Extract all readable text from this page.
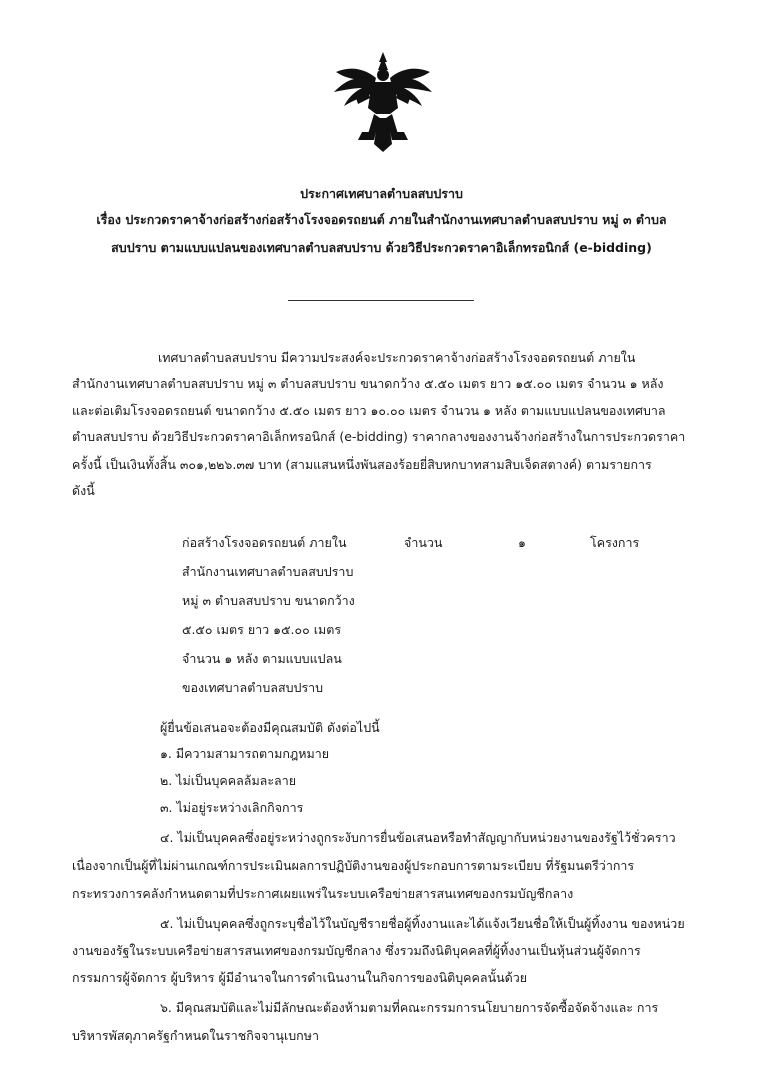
ประกาศเทศบาลตำบลสบปราบ
เรื่อง ประกวดราคาจ้างก่อสร้างก่อสร้างโรงจอดรถยนต์ ภายในสำนักงานเทศบาลตำบลสบปราบ หมู่ ๓ ตำบล
สบปราบ ตามแบบแปลนของเทศบาลตำบลสบปราบ ด้วยวิธีประกวดราคาอิเล็กทรอนิกส์ (e-bidding)
เทศบาลตำบลสบปราบ มีความประสงค์จะประกวดราคาจ้างก่อสร้างโรงจอดรถยนต์ ภายใน
สำนักงานเทศบาลตำบลสบปราบ หมู่ ๓ ตำบลสบปราบ ขนาดกว้าง ๕.๕๐ เมตร ยาว ๑๕.๐๐ เมตร จำนวน ๑ หลัง
และต่อเติมโรงจอดรถยนต์ ขนาดกว้าง ๕.๕๐ เมตร ยาว ๑๐.๐๐ เมตร จำนวน ๑ หลัง ตามแบบแปลนของเทศบาล
ตำบลสบปราบ ด้วยวิธีประกวดราคาอิเล็กทรอนิกส์ (e-bidding) ราคากลางของงานจ้างก่อสร้างในการประกวดราคา
ครั้งนี้ เป็นเงินทั้งสิ้น ๓๐๑,๒๒๖.๓๗ บาท (สามแสนหนึ่งพันสองร้อยยี่สิบหกบาทสามสิบเจ็ดสตางค์) ตามรายการ
ดังนี้
ก่อสร้างโรงจอดรถยนต์ ภายใน
สำนักงานเทศบาลตำบลสบปราบ
หมู่ ๓ ตำบลสบปราบ ขนาดกว้าง
๕.๕๐ เมตร ยาว ๑๕.๐๐ เมตร
จำนวน ๑ หลัง ตามแบบแปลน
ของเทศบาลตำบลสบปราบ
จำนวน	๑	โครงการ
ผู้ยื่นข้อเสนอจะต้องมีคุณสมบัติ ดังต่อไปนี้
๑. มีความสามารถตามกฎหมาย
๒. ไม่เป็นบุคคลล้มละลาย
๓. ไม่อยู่ระหว่างเลิกกิจการ
๔. ไม่เป็นบุคคลซึ่งอยู่ระหว่างถูกระงับการยื่นข้อเสนอหรือทำสัญญากับหน่วยงานของรัฐไว้ชั่วคราว
เนื่องจากเป็นผู้ที่ไม่ผ่านเกณฑ์การประเมินผลการปฏิบัติงานของผู้ประกอบการตามระเบียบ ที่รัฐมนตรีว่าการ
กระทรวงการคลังกำหนดตามที่ประกาศเผยแพร่ในระบบเครือข่ายสารสนเทศของกรมบัญชีกลาง
๕. ไม่เป็นบุคคลซึ่งถูกระบุชื่อไว้ในบัญชีรายชื่อผู้ทิ้งงานและได้แจ้งเวียนชื่อให้เป็นผู้ทิ้งงาน ของหน่วย
งานของรัฐในระบบเครือข่ายสารสนเทศของกรมบัญชีกลาง ซึ่งรวมถึงนิติบุคคลที่ผู้ทิ้งงานเป็นหุ้นส่วนผู้จัดการ
กรรมการผู้จัดการ ผู้บริหาร ผู้มีอำนาจในการดำเนินงานในกิจการของนิติบุคคลนั้นด้วย
๖. มีคุณสมบัติและไม่มีลักษณะต้องห้ามตามที่คณะกรรมการนโยบายการจัดซื้อจัดจ้างและ การ
บริหารพัสดุภาครัฐกำหนดในราชกิจจานุเบกษา
